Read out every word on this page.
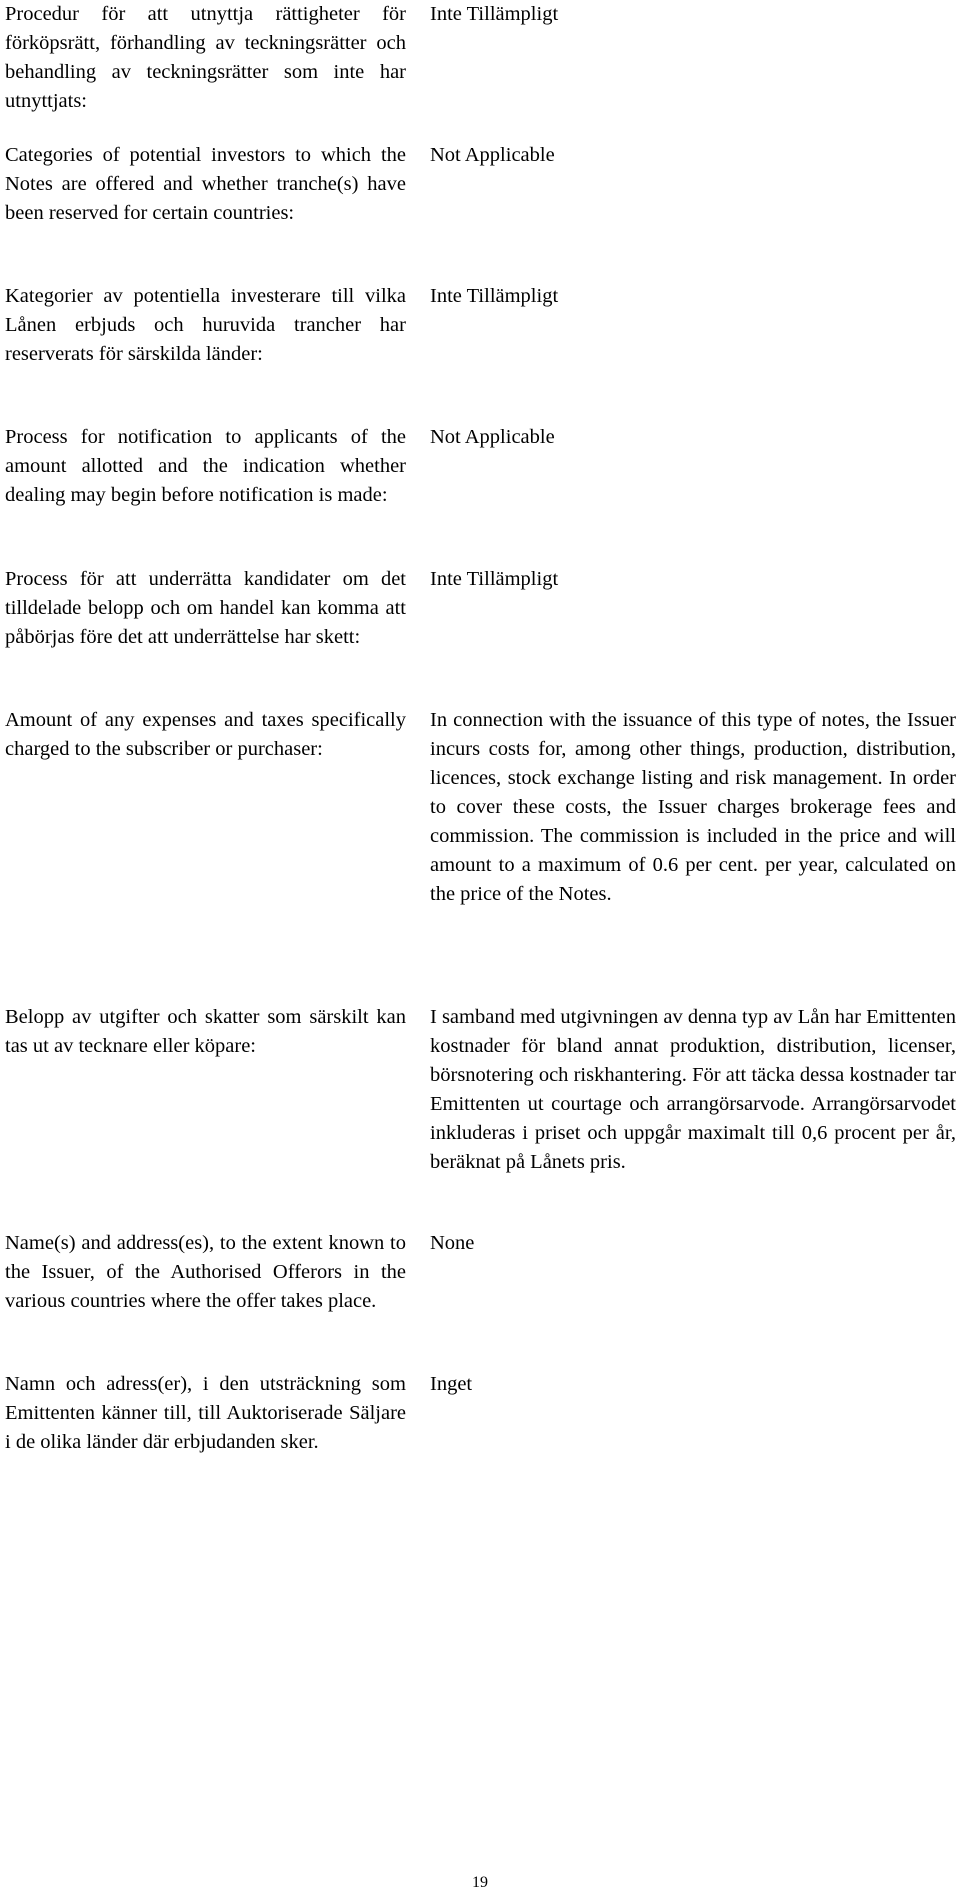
Procedur för att utnyttja rättigheter för förköpsrätt, förhandling av teckningsrätter och behandling av teckningsrätter som inte har utnyttjats:

Inte Tillämpligt

Categories of potential investors to which the Notes are offered and whether tranche(s) have been reserved for certain countries:

Not Applicable

Kategorier av potentiella investerare till vilka Lånen erbjuds och huruvida trancher har reserverats för särskilda länder:

Inte Tillämpligt

Process for notification to applicants of the amount allotted and the indication whether dealing may begin before notification is made:

Not Applicable

Process för att underrätta kandidater om det tilldelade belopp och om handel kan komma att påbörjas före det att underrättelse har skett:

Inte Tillämpligt

Amount of any expenses and taxes specifically charged to the subscriber or purchaser:

In connection with the issuance of this type of notes, the Issuer incurs costs for, among other things, production, distribution, licences, stock exchange listing and risk management. In order to cover these costs, the Issuer charges brokerage fees and commission. The commission is included in the price and will amount to a maximum of 0.6 per cent. per year, calculated on the price of the Notes.

Belopp av utgifter och skatter som särskilt kan tas ut av tecknare eller köpare:

I samband med utgivningen av denna typ av Lån har Emittenten kostnader för bland annat produktion, distribution, licenser, börsnotering och riskhantering. För att täcka dessa kostnader tar Emittenten ut courtage och arrangörsarvode. Arrangörsarvodet inkluderas i priset och uppgår maximalt till 0,6 procent per år, beräknat på Lånets pris.

Name(s) and address(es), to the extent known to the Issuer, of the Authorised Offerors in the various countries where the offer takes place.

None

Namn och adress(er), i den utsträckning som Emittenten känner till, till Auktoriserade Säljare i de olika länder där erbjudanden sker.

Inget

19
